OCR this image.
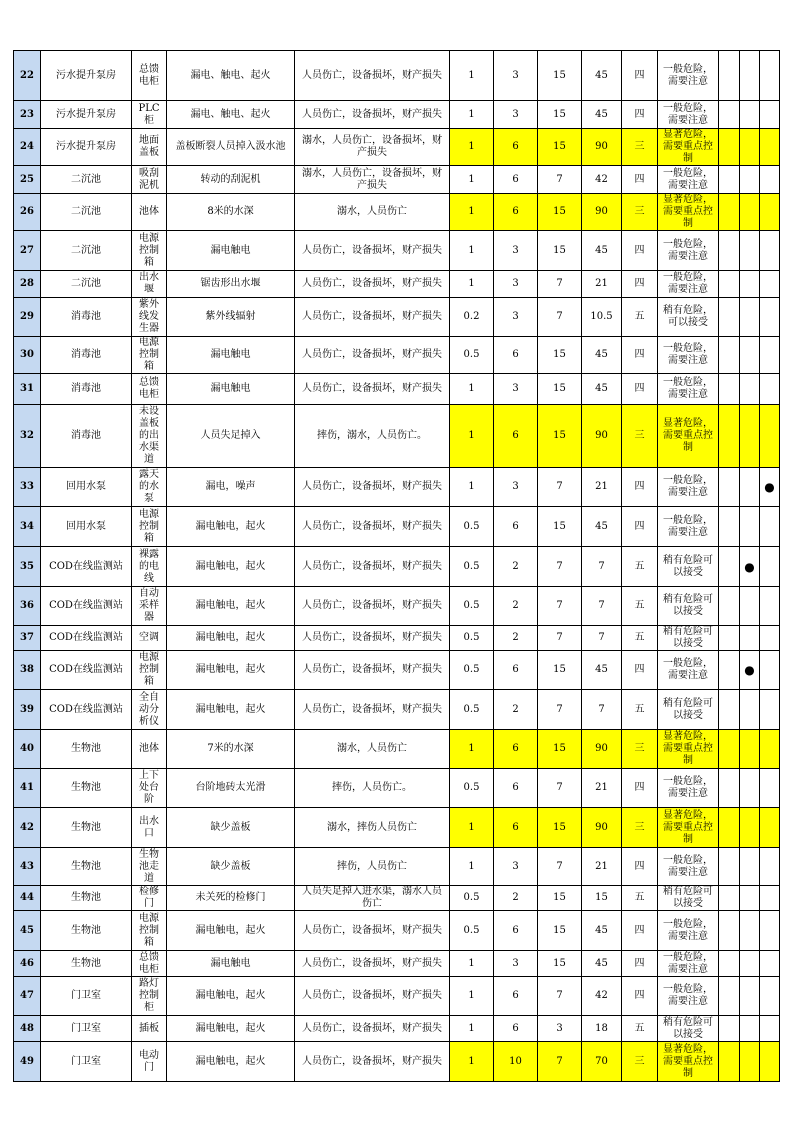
22	污水提升泵房	总馈电柜	漏电、触电、起火	人员伤亡，设备损坏，财产损失	1	3	15	45	四	一般危险，需要注意			
23	污水提升泵房	PLC柜	漏电、触电、起火	人员伤亡，设备损坏，财产损失	1	3	15	45	四	一般危险，需要注意			
24	污水提升泵房	地面盖板	盖板断裂人员掉入汲水池	溺水，人员伤亡，设备损坏，财产损失	1	6	15	90	三	显著危险，需要重点控制			
25	二沉池	吸刮泥机	转动的刮泥机	溺水，人员伤亡，设备损坏，财产损失	1	6	7	42	四	一般危险，需要注意			
26	二沉池	池体	8米的水深	溺水，人员伤亡	1	6	15	90	三	显著危险，需要重点控制			
27	二沉池	电源控制箱	漏电触电	人员伤亡，设备损坏，财产损失	1	3	15	45	四	一般危险，需要注意			
28	二沉池	出水堰	锯齿形出水堰	人员伤亡，设备损坏，财产损失	1	3	7	21	四	一般危险，需要注意			
29	消毒池	紫外线发生器	紫外线辐射	人员伤亡，设备损坏，财产损失	0.2	3	7	10.5	五	稍有危险，可以接受			
30	消毒池	电源控制箱	漏电触电	人员伤亡，设备损坏，财产损失	0.5	6	15	45	四	一般危险，需要注意			
31	消毒池	总馈电柜	漏电触电	人员伤亡，设备损坏，财产损失	1	3	15	45	四	一般危险，需要注意			
32	消毒池	未设盖板的出水渠道	人员失足掉入	摔伤，溺水，人员伤亡。	1	6	15	90	三	显著危险，需要重点控制			
33	回用水泵	露天的水泵	漏电，噪声	人员伤亡，设备损坏，财产损失	1	3	7	21	四	一般危险，需要注意			●
34	回用水泵	电源控制箱	漏电触电，起火	人员伤亡，设备损坏，财产损失	0.5	6	15	45	四	一般危险，需要注意			
35	COD在线监测站	裸露的电线	漏电触电，起火	人员伤亡，设备损坏，财产损失	0.5	2	7	7	五	稍有危险可以接受		●	
36	COD在线监测站	自动采样器	漏电触电，起火	人员伤亡，设备损坏，财产损失	0.5	2	7	7	五	稍有危险可以接受			
37	COD在线监测站	空调	漏电触电，起火	人员伤亡，设备损坏，财产损失	0.5	2	7	7	五	稍有危险可以接受			
38	COD在线监测站	电源控制箱	漏电触电，起火	人员伤亡，设备损坏，财产损失	0.5	6	15	45	四	一般危险，需要注意		●	
39	COD在线监测站	全自动分析仪	漏电触电，起火	人员伤亡，设备损坏，财产损失	0.5	2	7	7	五	稍有危险可以接受			
40	生物池	池体	7米的水深	溺水，人员伤亡	1	6	15	90	三	显著危险，需要重点控制			
41	生物池	上下处台阶	台阶地砖太光滑	摔伤，人员伤亡。	0.5	6	7	21	四	一般危险，需要注意			
42	生物池	出水口	缺少盖板	溺水，摔伤人员伤亡	1	6	15	90	三	显著危险，需要重点控制			
43	生物池	生物池走道	缺少盖板	摔伤，人员伤亡	1	3	7	21	四	一般危险，需要注意			
44	生物池	检修门	未关死的检修门	人员失足掉入进水渠，溺水人员伤亡	0.5	2	15	15	五	稍有危险可以接受			
45	生物池	电源控制箱	漏电触电，起火	人员伤亡，设备损坏，财产损失	0.5	6	15	45	四	一般危险，需要注意			
46	生物池	总馈电柜	漏电触电	人员伤亡，设备损坏，财产损失	1	3	15	45	四	一般危险，需要注意			
47	门卫室	路灯控制柜	漏电触电，起火	人员伤亡，设备损坏，财产损失	1	6	7	42	四	一般危险，需要注意			
48	门卫室	插板	漏电触电，起火	人员伤亡，设备损坏，财产损失	1	6	3	18	五	稍有危险可以接受			
49	门卫室	电动门	漏电触电，起火	人员伤亡，设备损坏，财产损失	1	10	7	70	三	显著危险，需要重点控制			
